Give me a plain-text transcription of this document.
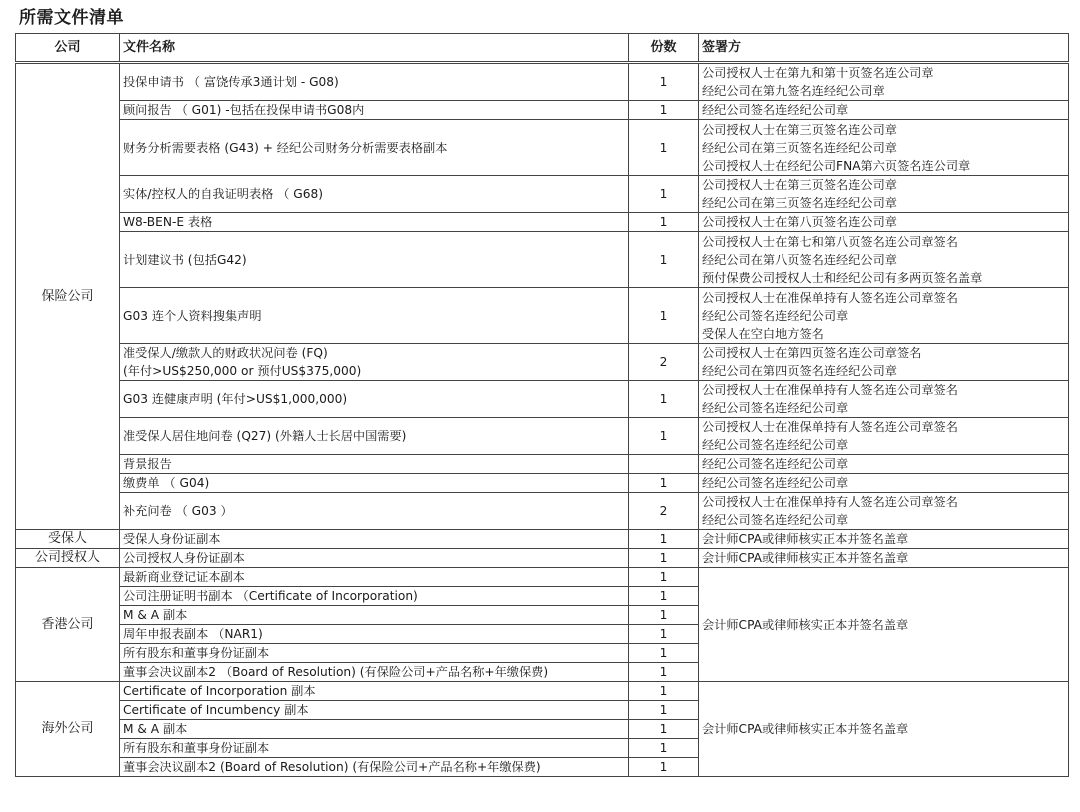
所需文件清单
公司	文件名称	份数	签署方
保险公司	投保申请书 （ 富饶传承3通计划 - G08)	1	公司授权人士在第九和第十页签名连公司章
经纪公司在第九签名连经纪公司章

	顾问报告 （ G01) -包括在投保申请书G08内	1	经纪公司签名连经纪公司章

	财务分析需要表格 (G43) + 经纪公司财务分析需要表格副本	1	公司授权人士在第三页签名连公司章
经纪公司在第三页签名连经纪公司章
公司授权人士在经纪公司FNA第六页签名连公司章

	实体/控权人的自我证明表格 （ G68)	1	公司授权人士在第三页签名连公司章
经纪公司在第三页签名连经纪公司章

	W8-BEN-E 表格	1	公司授权人士在第八页签名连公司章

	计划建议书 (包括G42)	1	公司授权人士在第七和第八页签名连公司章签名
经纪公司在第八页签名连经纪公司章
预付保费公司授权人士和经纪公司有多两页签名盖章

	G03 连个人资料搜集声明	1	公司授权人士在准保单持有人签名连公司章签名
经纪公司签名连经纪公司章
受保人在空白地方签名

	准受保人/缴款人的财政状况问卷 (FQ)
(年付>US$250,000 or 预付US$375,000)	2	公司授权人士在第四页签名连公司章签名
经纪公司在第四页签名连经纪公司章

	G03 连健康声明 (年付>US$1,000,000)	1	公司授权人士在准保单持有人签名连公司章签名
经纪公司签名连经纪公司章

	准受保人居住地问卷 (Q27) (外籍人士长居中国需要)	1	公司授权人士在准保单持有人签名连公司章签名
经纪公司签名连经纪公司章

	背景报告		经纪公司签名连经纪公司章

	缴费单 （ G04)	1	经纪公司签名连经纪公司章

	补充问卷 （ G03 ）	2	公司授权人士在准保单持有人签名连公司章签名
经纪公司签名连经纪公司章

受保人	受保人身份证副本	1	会计师CPA或律师核实正本并签名盖章
公司授权人	公司授权人身份证副本	1	会计师CPA或律师核实正本并签名盖章
香港公司	最新商业登记证本副本	1	会计师CPA或律师核实正本并签名盖章
	公司注册证明书副本 （Certificate of Incorporation)	1	
	M & A 副本	1	
	周年申报表副本 （NAR1)	1	
	所有股东和董事身份证副本	1	
	董事会决议副本2 （Board of Resolution) (有保险公司+产品名称+年缴保费)	1	
海外公司	Certificate of Incorporation 副本	1	会计师CPA或律师核实正本并签名盖章
	Certificate of Incumbency 副本	1	
	M & A 副本	1	
	所有股东和董事身份证副本	1	
	董事会决议副本2 (Board of Resolution) (有保险公司+产品名称+年缴保费)	1	
